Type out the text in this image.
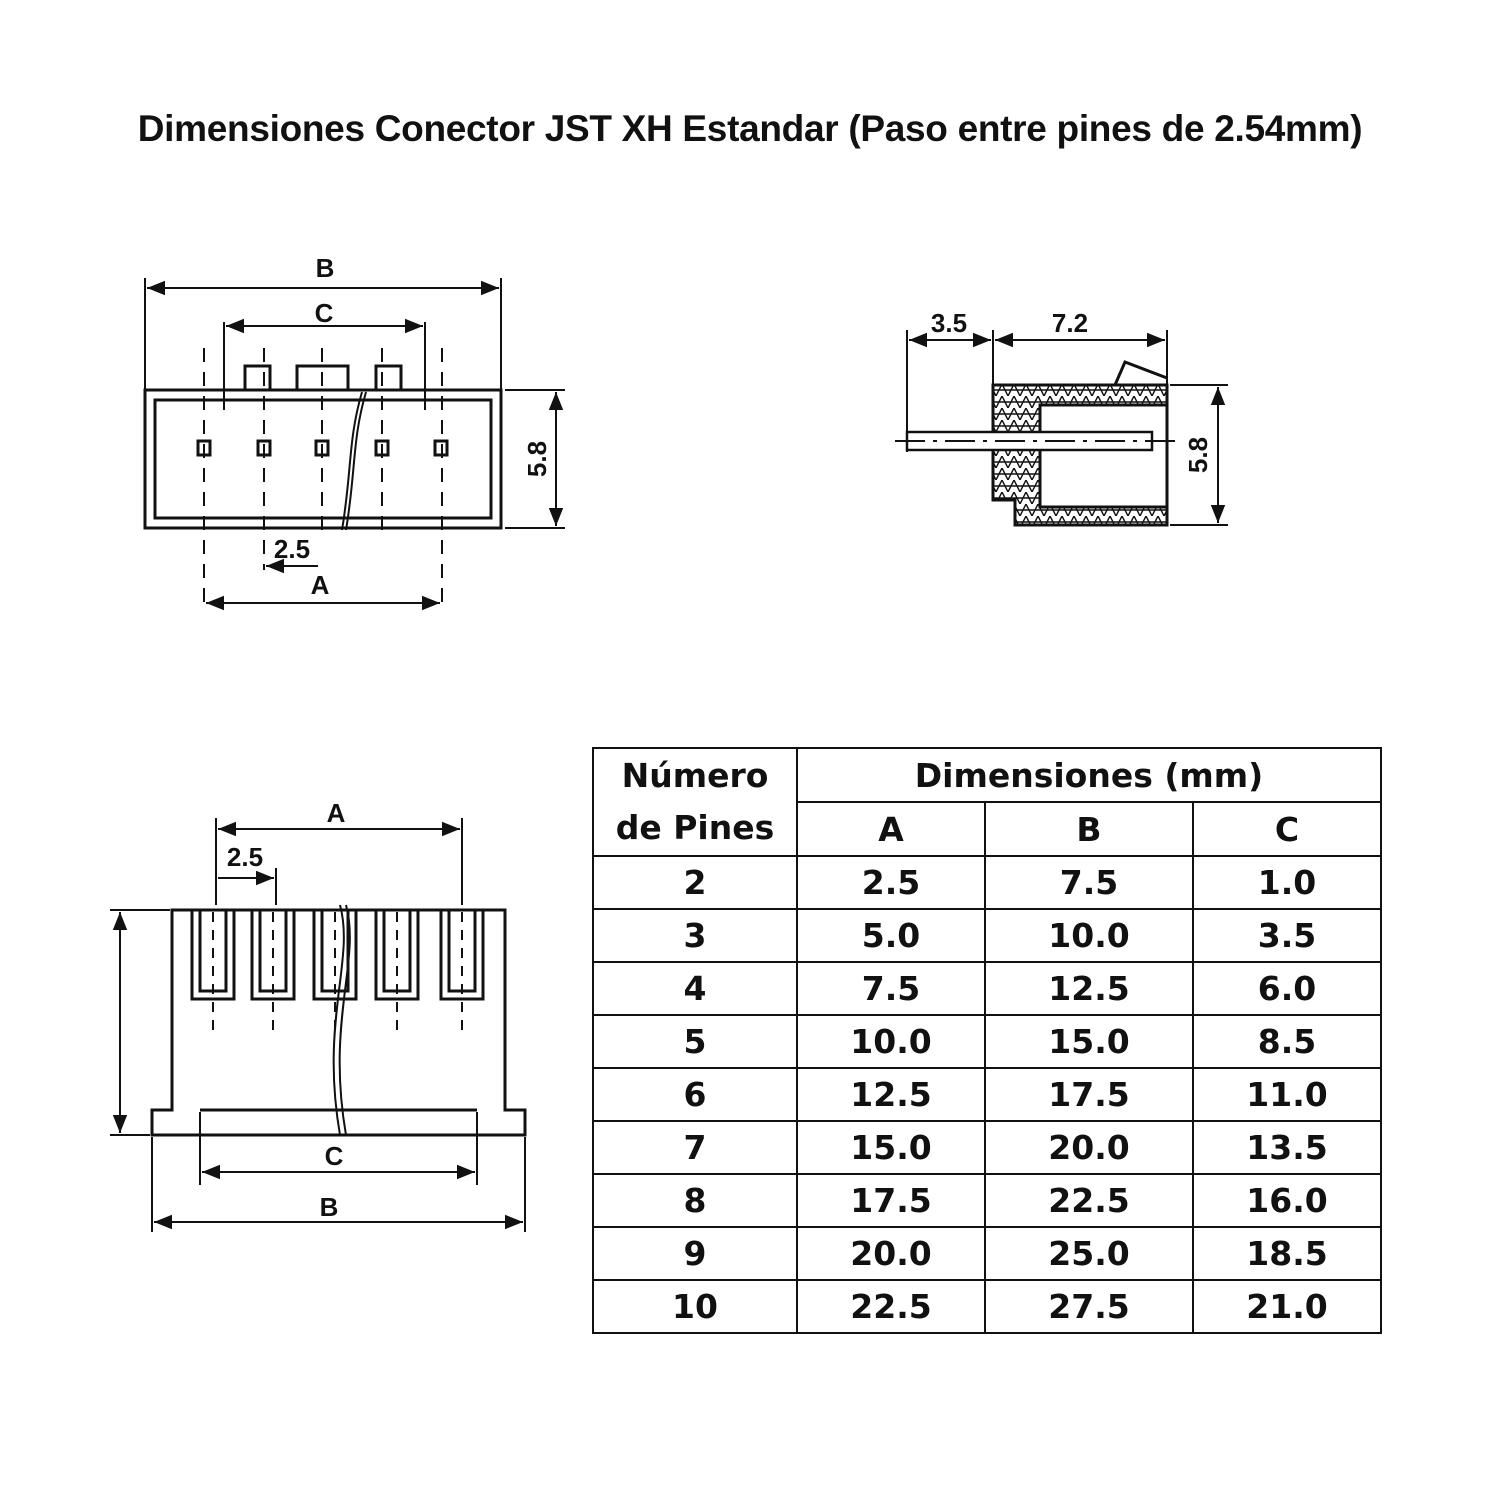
Dimensiones Conector JST XH Estandar (Paso entre pines de 2.54mm)
B
C
5.8
2.5
A
3.5	7.2
5.8
A
2.5
C
B
Número
de Pines	Dimensiones (mm)		
	A	B	C
2	2.5	7.5	1.0
3	5.0	10.0	3.5
4	7.5	12.5	6.0
5	10.0	15.0	8.5
6	12.5	17.5	11.0
7	15.0	20.0	13.5
8	17.5	22.5	16.0
9	20.0	25.0	18.5
10	22.5	27.5	21.0
